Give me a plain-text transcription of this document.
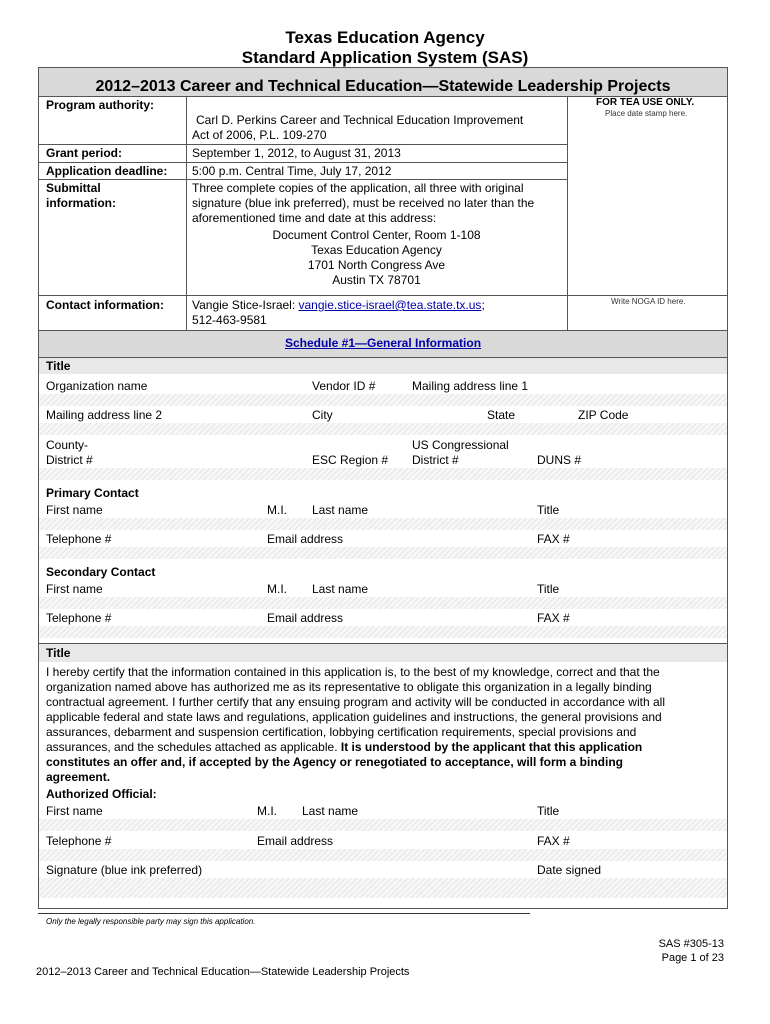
Texas Education Agency
Standard Application System (SAS)
2012–2013 Career and Technical Education—Statewide Leadership Projects
Program authority:
Carl D. Perkins Career and Technical Education Improvement
Act of 2006, P.L. 109-270
Grant period:	September 1, 2012, to August 31, 2013
Application deadline: 5:00 p.m. Central Time, July 17, 2012
Submittal
information:
Three complete copies of the application, all three with original
signature (blue ink preferred), must be received no later than the
aforementioned time and date at this address:
Document Control Center, Room 1-108
Texas Education Agency
1701 North Congress Ave
Austin TX 78701
Contact information: Vangie Stice-Israel: vangie.stice-israel@tea.state.tx.us;
512-463-9581
FOR TEA USE ONLY.
Place date stamp here.
Write NOGA ID here.
Schedule #1—General Information
Title
Organization name	Vendor ID #	Mailing address line 1
Mailing address line 2	City	State	ZIP Code
County-
District #	ESC Region #
US Congressional
District #	DUNS #
Primary Contact
First name	M.I. Last name	Title
Telephone #	Email address	FAX #
Secondary Contact
First name	M.I. Last name	Title
Telephone #	Email address	FAX #
Title
I hereby certify that the information contained in this application is, to the best of my knowledge, correct and that the
organization named above has authorized me as its representative to obligate this organization in a legally binding
contractual agreement. I further certify that any ensuing program and activity will be conducted in accordance with all
applicable federal and state laws and regulations, application guidelines and instructions, the general provisions and
assurances, debarment and suspension certification, lobbying certification requirements, special provisions and
assurances, and the schedules attached as applicable. It is understood by the applicant that this application
constitutes an offer and, if accepted by the Agency or renegotiated to acceptance, will form a binding
agreement.
Authorized Official:
First name	M.I. Last name	Title
Telephone #	Email address	FAX #
Signature (blue ink preferred)	Date signed
Only the legally responsible party may sign this application.
SAS #305-13
Page 1 of 23
2012–2013 Career and Technical Education—Statewide Leadership Projects
